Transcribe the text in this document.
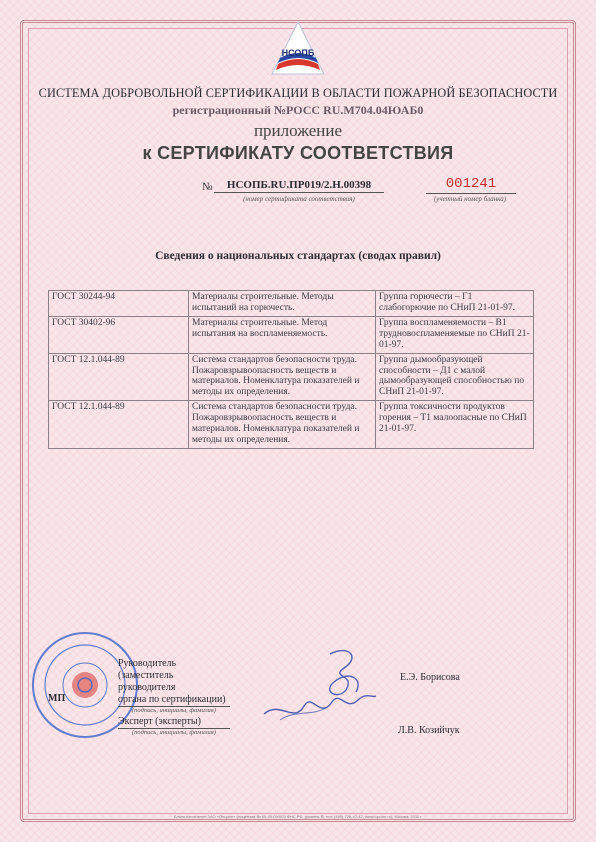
НСОПБ
СИСТЕМА ДОБРОВОЛЬНОЙ СЕРТИФИКАЦИИ В ОБЛАСТИ ПОЖАРНОЙ БЕЗОПАСНОСТИ
регистрационный №РОСС RU.M704.04ЮАБ0
приложение
к СЕРТИФИКАТУ СООТВЕТСТВИЯ
№	НСОПБ.RU.ПР019/2.Н.00398
(номер сертификата соответствия)
001241
(учетный номер бланка)
Сведения о национальных стандартах (сводах правил)
ГОСТ 30244-94	Материалы строительные. Методы испытаний на горючесть.	Группа горючести – Г1 слабогорючие по СНиП 21-01-97.
ГОСТ 30402-96	Материалы строительные. Метод испытания на воспламеняемость.	Группа воспламеняемости – В1 трудновоспламеняемые по СНиП 21-01-97.
ГОСТ 12.1.044-89	Система стандартов безопасности труда. Пожаровзрывоопасность веществ и материалов. Номенклатура показателей и методы их определения.	Группа дымообразующей способности – Д1 с малой дымообразующей способностью по СНиП 21-01-97.
ГОСТ 12.1.044-89	Система стандартов безопасности труда. Пожаровзрывоопасность веществ и материалов. Номенклатура показателей и методы их определения.	Группа токсичности продуктов горения – Т1 малоопасные по СНиП 21-01-97.
МП
Руководитель
(заместитель руководителя
органа по сертификации)
(подпись, инициалы, фамилия)
Эксперт (эксперты)
(подпись, инициалы, фамилия)
Е.Э. Борисова
Л.В. Козийчук
Бланк изготовлен ЗАО «Опцион» (лицензия № 05-05-09/003 ФНС РФ, уровень В, тел. (495) 726-47-42, www.opcion.ru), Москва, 2011 г.
